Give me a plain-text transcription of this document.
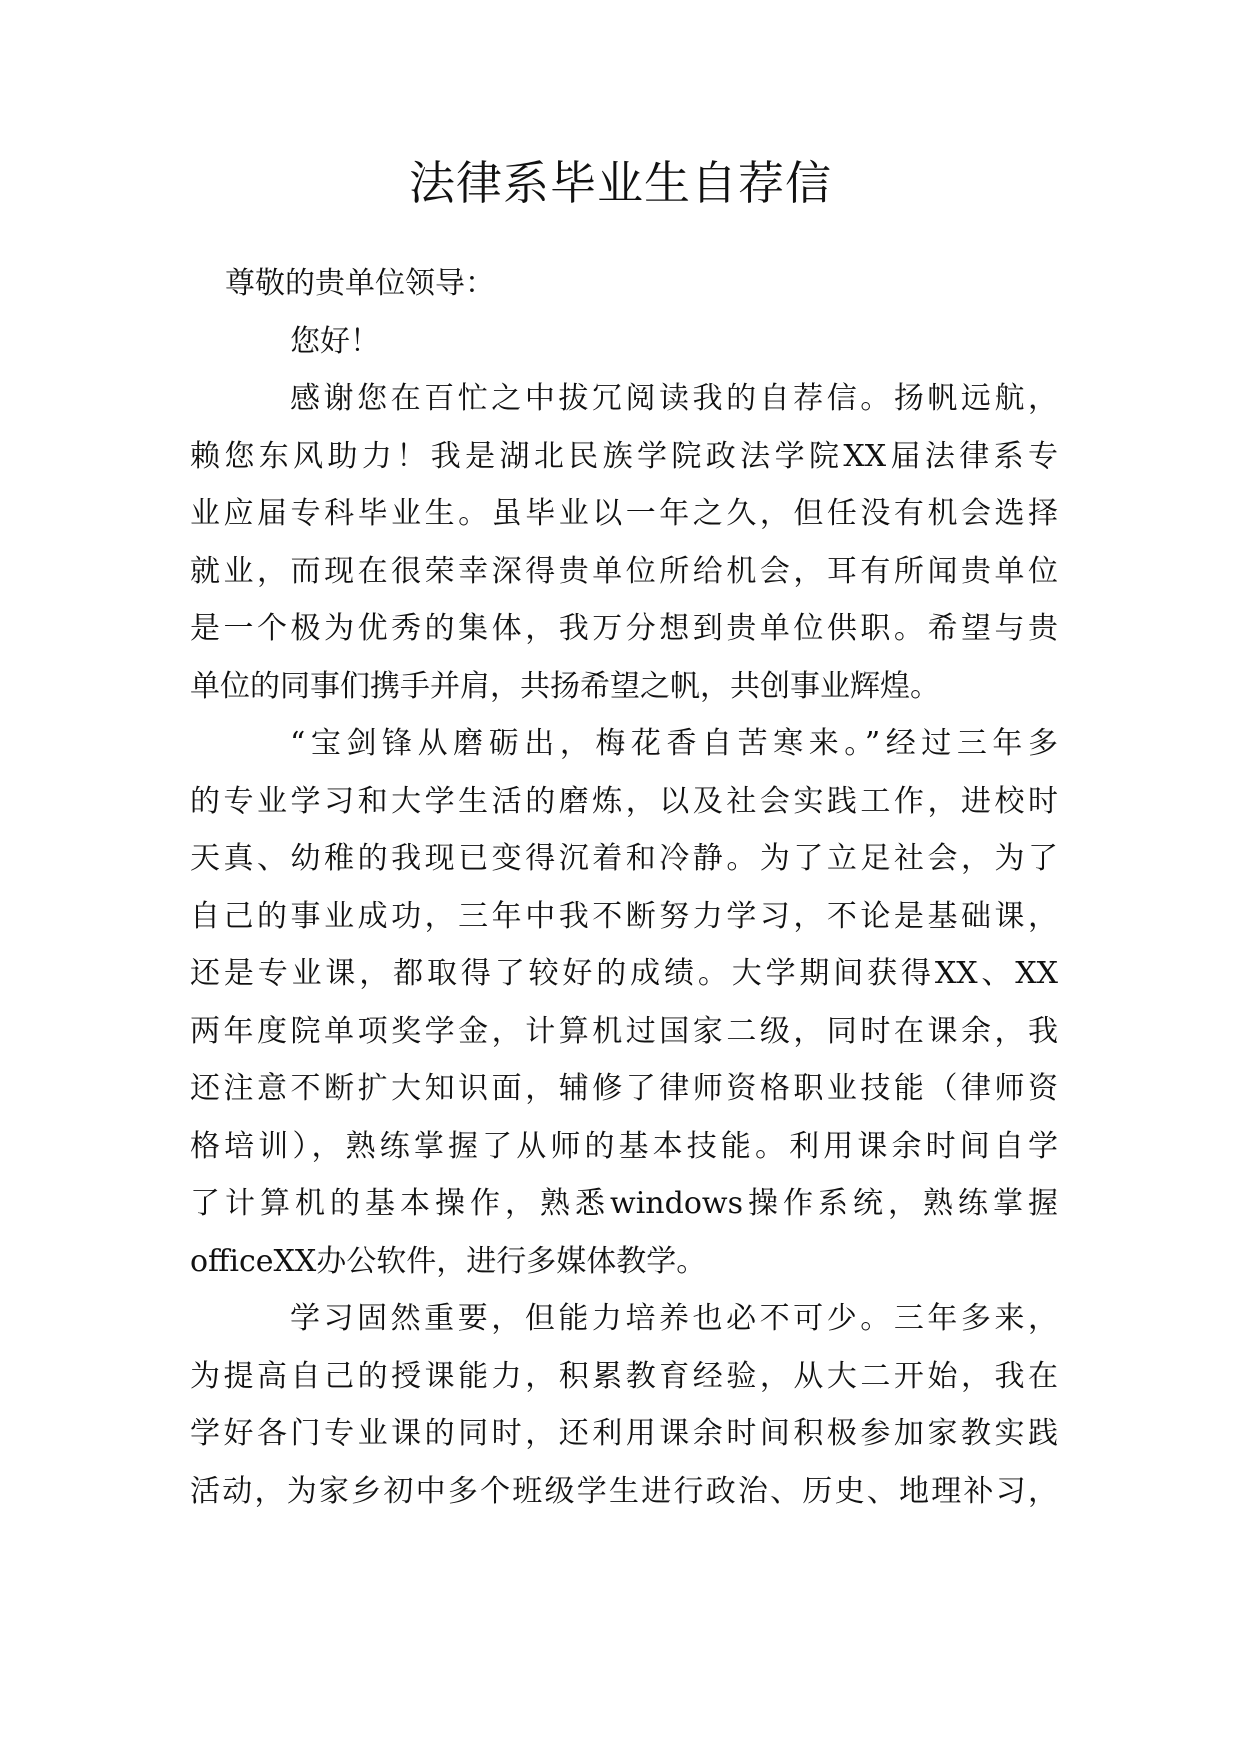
法律系毕业生自荐信
尊敬的贵单位领导：
您好！
感谢您在百忙之中拔冗阅读我的自荐信。扬帆远航，
赖您东风助力！我是湖北民族学院政法学院XX届法律系专
业应届专科毕业生。虽毕业以一年之久，但任没有机会选择
就业，而现在很荣幸深得贵单位所给机会，耳有所闻贵单位
是一个极为优秀的集体，我万分想到贵单位供职。希望与贵
单位的同事们携手并肩，共扬希望之帆，共创事业辉煌。
“宝剑锋从磨砺出，梅花香自苦寒来。”经过三年多
的专业学习和大学生活的磨炼，以及社会实践工作，进校时
天真、幼稚的我现已变得沉着和冷静。为了立足社会，为了
自己的事业成功，三年中我不断努力学习，不论是基础课，
还是专业课，都取得了较好的成绩。大学期间获得XX、XX
两年度院单项奖学金，计算机过国家二级，同时在课余，我
还注意不断扩大知识面，辅修了律师资格职业技能（律师资
格培训），熟练掌握了从师的基本技能。利用课余时间自学
了计算机的基本操作，熟悉windows操作系统，熟练掌握
officeXX办公软件，进行多媒体教学。
学习固然重要，但能力培养也必不可少。三年多来，
为提高自己的授课能力，积累教育经验，从大二开始，我在
学好各门专业课的同时，还利用课余时间积极参加家教实践
活动，为家乡初中多个班级学生进行政治、历史、地理补习，
